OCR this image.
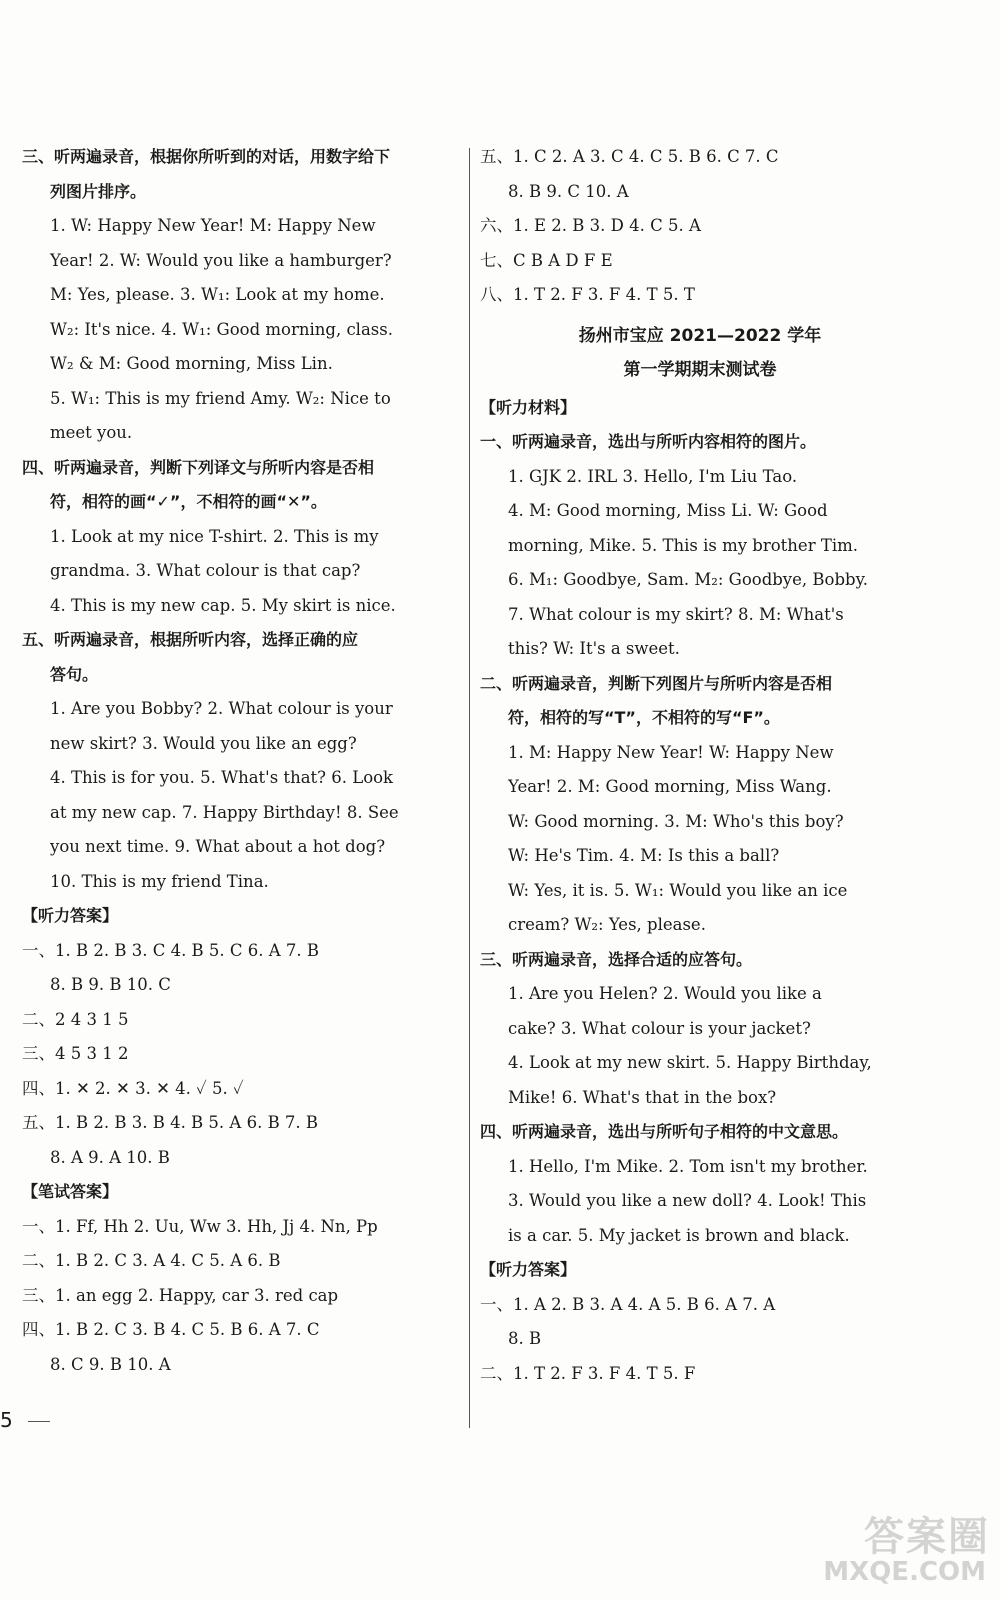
三、听两遍录音，根据你所听到的对话，用数字给下
列图片排序。
1. W: Happy New Year! M: Happy New
Year! 2. W: Would you like a hamburger?
M: Yes, please. 3. W₁: Look at my home.
W₂: It's nice. 4. W₁: Good morning, class.
W₂ & M: Good morning, Miss Lin.
5. W₁: This is my friend Amy. W₂: Nice to
meet you.
四、听两遍录音，判断下列译文与所听内容是否相
符，相符的画“✓”，不相符的画“✕”。
1. Look at my nice T-shirt. 2. This is my
grandma. 3. What colour is that cap?
4. This is my new cap. 5. My skirt is nice.
五、听两遍录音，根据所听内容，选择正确的应
答句。
1. Are you Bobby? 2. What colour is your
new skirt? 3. Would you like an egg?
4. This is for you. 5. What's that? 6. Look
at my new cap. 7. Happy Birthday! 8. See
you next time. 9. What about a hot dog?
10. This is my friend Tina.
【听力答案】
一、1. B 2. B 3. C 4. B 5. C 6. A 7. B
8. B 9. B 10. C
二、2 4 3 1 5
三、4 5 3 1 2
四、1. ✕ 2. ✕ 3. ✕ 4. ✓ 5. ✓
五、1. B 2. B 3. B 4. B 5. A 6. B 7. B
8. A 9. A 10. B
【笔试答案】
一、1. Ff, Hh 2. Uu, Ww 3. Hh, Jj 4. Nn, Pp
二、1. B 2. C 3. A 4. C 5. A 6. B
三、1. an egg 2. Happy, car 3. red cap
四、1. B 2. C 3. B 4. C 5. B 6. A 7. C
8. C 9. B 10. A
五、1. C 2. A 3. C 4. C 5. B 6. C 7. C
8. B 9. C 10. A
六、1. E 2. B 3. D 4. C 5. A
七、C B A D F E
八、1. T 2. F 3. F 4. T 5. T
扬州市宝应 2021—2022 学年
第一学期期末测试卷
【听力材料】
一、听两遍录音，选出与所听内容相符的图片。
1. GJK 2. IRL 3. Hello, I'm Liu Tao.
4. M: Good morning, Miss Li. W: Good
morning, Mike. 5. This is my brother Tim.
6. M₁: Goodbye, Sam. M₂: Goodbye, Bobby.
7. What colour is my skirt? 8. M: What's
this? W: It's a sweet.
二、听两遍录音，判断下列图片与所听内容是否相
符，相符的写“T”，不相符的写“F”。
1. M: Happy New Year! W: Happy New
Year! 2. M: Good morning, Miss Wang.
W: Good morning. 3. M: Who's this boy?
W: He's Tim. 4. M: Is this a ball?
W: Yes, it is. 5. W₁: Would you like an ice
cream? W₂: Yes, please.
三、听两遍录音，选择合适的应答句。
1. Are you Helen? 2. Would you like a
cake? 3. What colour is your jacket?
4. Look at my new skirt. 5. Happy Birthday,
Mike! 6. What's that in the box?
四、听两遍录音，选出与所听句子相符的中文意思。
1. Hello, I'm Mike. 2. Tom isn't my brother.
3. Would you like a new doll? 4. Look! This
is a car. 5. My jacket is brown and black.
【听力答案】
一、1. A 2. B 3. A 4. A 5. B 6. A 7. A
8. B
二、1. T 2. F 3. F 4. T 5. F
5
答案圈
MXQE.COM
